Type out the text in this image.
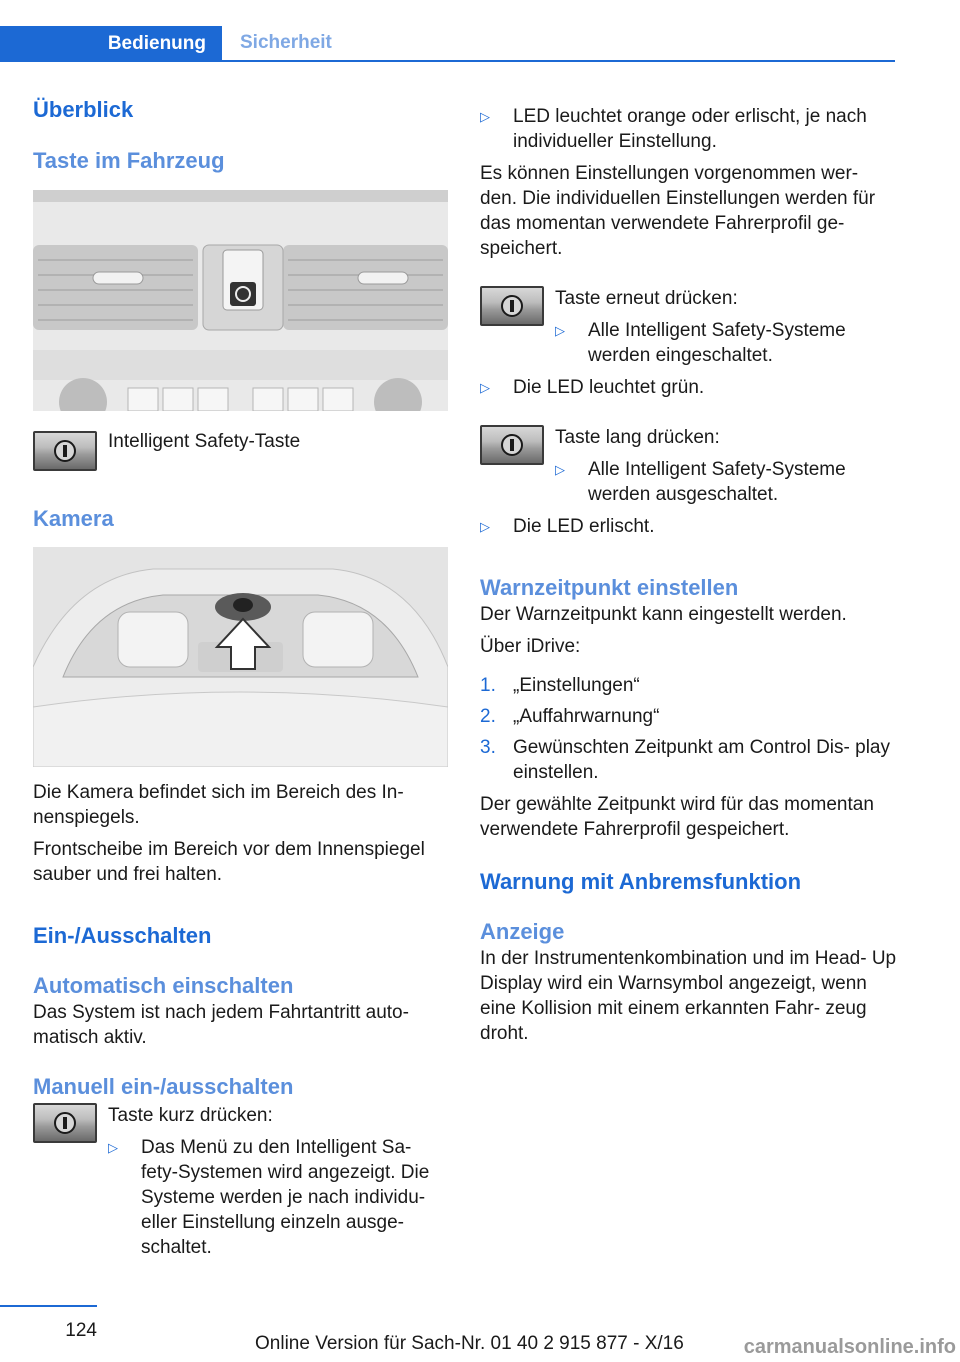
Bedienung	Sicherheit
Überblick
Taste im Fahrzeug

Intelligent Safety-Taste

Kamera

Die Kamera befindet sich im Bereich des In‐ nenspiegels.

Frontscheibe im Bereich vor dem Innenspiegel sauber und frei halten.

Ein-/Ausschalten
Automatisch einschalten

Das System ist nach jedem Fahrtantritt auto‐ matisch aktiv.

Manuell ein-/ausschalten

Taste kurz drücken:

▷	Das Menü zu den Intelligent Sa‐ fety-Systemen wird angezeigt. Die Systeme werden je nach individu‐ eller Einstellung einzeln ausge‐ schaltet.

▷	LED leuchtet orange oder erlischt, je nach individueller Einstellung.

Es können Einstellungen vorgenommen wer‐ den. Die individuellen Einstellungen werden für das momentan verwendete Fahrerprofil ge‐ speichert.

Taste erneut drücken:

▷	Alle Intelligent Safety-Systeme werden eingeschaltet.

▷	Die LED leuchtet grün.

Taste lang drücken:

▷	Alle Intelligent Safety-Systeme werden ausgeschaltet.

▷	Die LED erlischt.

Warnzeitpunkt einstellen

Der Warnzeitpunkt kann eingestellt werden.

Über iDrive:

1. „Einstellungen“

2. „Auffahrwarnung“

3. Gewünschten Zeitpunkt am Control Dis‐ play einstellen.

Der gewählte Zeitpunkt wird für das momentan verwendete Fahrerprofil gespeichert.

Warnung mit Anbremsfunktion
Anzeige

In der Instrumentenkombination und im Head- Up Display wird ein Warnsymbol angezeigt, wenn eine Kollision mit einem erkannten Fahr‐ zeug droht.

124
Online Version für Sach-Nr. 01 40 2 915 877 - X/16	carmanualsonline.info
